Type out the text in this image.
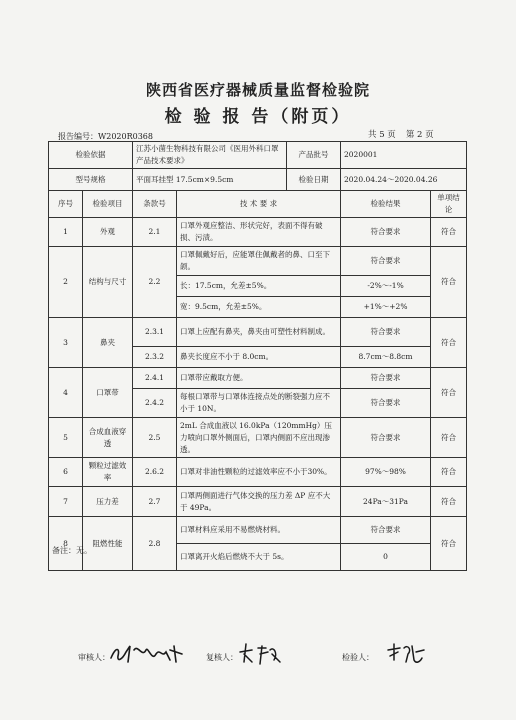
陕西省医疗器械质量监督检验院
检 验 报 告（附页）
报告编号：W2020R0368	共 5 页 第 2 页
检验依据		江苏小菌生物科技有限公司《医用外科口罩产品技术要求》		产品批号	2020001	
型号规格		平面耳挂型 17.5cm×9.5cm		检验日期	2020.04.24～2020.04.26	
序号	检验项目	条款号	技 术 要 求		检验结果	单项结论
1	外观	2.1	口罩外观应整洁、形状完好，表面不得有破损、污渍。		符合要求	符合
2	结构与尺寸	2.2	口罩佩戴好后，应能罩住佩戴者的鼻、口至下颌。		符合要求	符合
			长：17.5cm，允差±5%。		-2%～-1%	
			宽：9.5cm，允差±5%。		+1%～+2%	
3	鼻夹	2.3.1	口罩上应配有鼻夹，鼻夹由可塑性材料制成。		符合要求	符合
		2.3.2	鼻夹长度应不小于 8.0cm。		8.7cm～8.8cm	
4	口罩带	2.4.1	口罩带应戴取方便。		符合要求	符合
		2.4.2	每根口罩带与口罩体连接点处的断裂强力应不小于 10N。		符合要求	
5	合成血液穿透	2.5	2mL 合成血液以 16.0kPa（120mmHg）压力喷向口罩外侧面后，口罩内侧面不应出现渗透。		符合要求	符合
6	颗粒过滤效率	2.6.2	口罩对非油性颗粒的过滤效率应不小于30%。		97%～98%	符合
7	压力差	2.7	口罩两侧面进行气体交换的压力差 ΔP 应不大于 49Pa。		24Pa～31Pa	符合
8	阻燃性能	2.8	口罩材料应采用不易燃烧材料。		符合要求	符合
			口罩离开火焰后燃烧不大于 5s。		0	
备注：无。
审核人：	复核人：	检验人：
